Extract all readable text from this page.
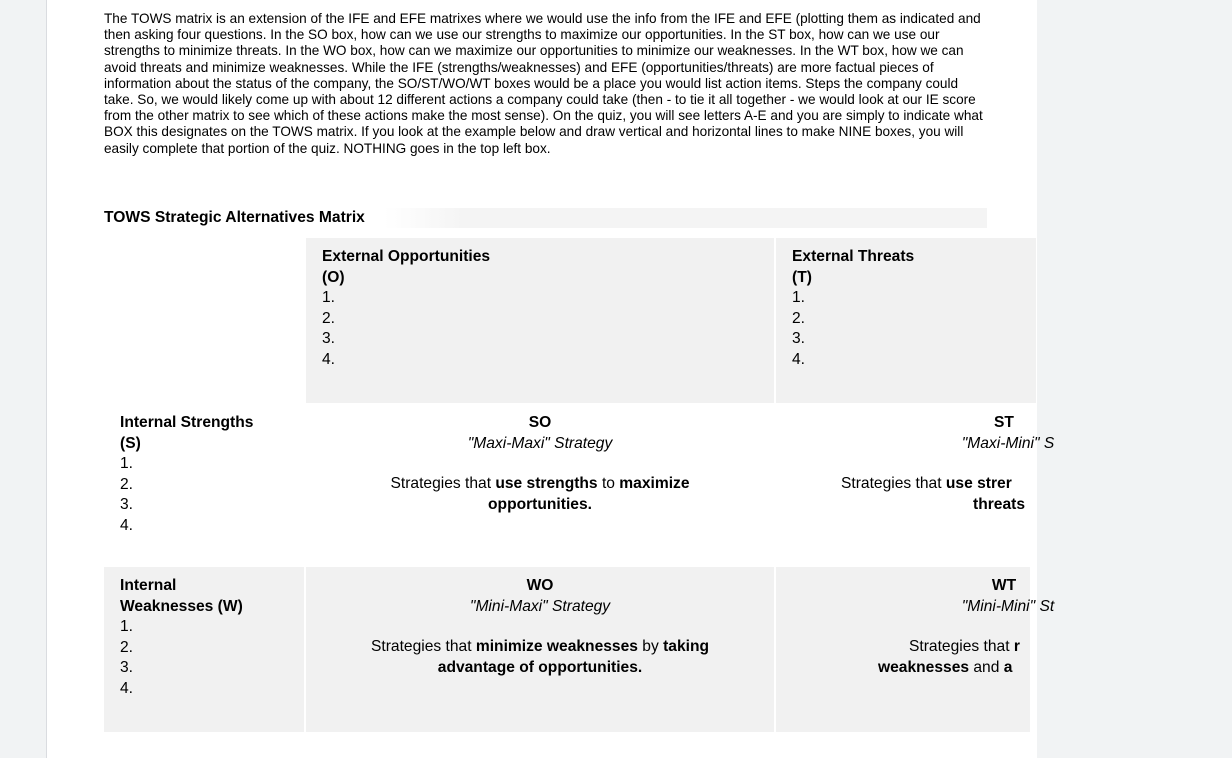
The TOWS matrix is an extension of the IFE and EFE matrixes where we would use the info from the IFE and EFE (plotting them as indicated and then asking four questions. In the SO box, how can we use our strengths to maximize our opportunities. In the ST box, how can we use our strengths to minimize threats. In the WO box, how can we maximize our opportunities to minimize our weaknesses. In the WT box, how we can avoid threats and minimize weaknesses. While the IFE (strengths/weaknesses) and EFE (opportunities/threats) are more factual pieces of information about the status of the company, the SO/ST/WO/WT boxes would be a place you would list action items. Steps the company could take. So, we would likely come up with about 12 different actions a company could take (then - to tie it all together - we would look at our IE score from the other matrix to see which of these actions make the most sense). On the quiz, you will see letters A-E and you are simply to indicate what BOX this designates on the TOWS matrix. If you look at the example below and draw vertical and horizontal lines to make NINE boxes, you will easily complete that portion of the quiz. NOTHING goes in the top left box.

TOWS Strategic Alternatives Matrix
External Opportunities
(O)
1.
2.
3.
4.
External Threats
(T)
1.
2.
3.
4.
Internal Strengths
(S)
1.
2.
3.
4.
SO
"Maxi-Maxi" Strategy
Strategies that use strengths to maximize
opportunities.
ST
"Maxi-Mini" S
Strategies that use strer
threats
Internal
Weaknesses (W)
1.
2.
3.
4.
WO
"Mini-Maxi" Strategy
Strategies that minimize weaknesses by taking
advantage of opportunities.
WT
"Mini-Mini" St
Strategies that r
weaknesses and a
